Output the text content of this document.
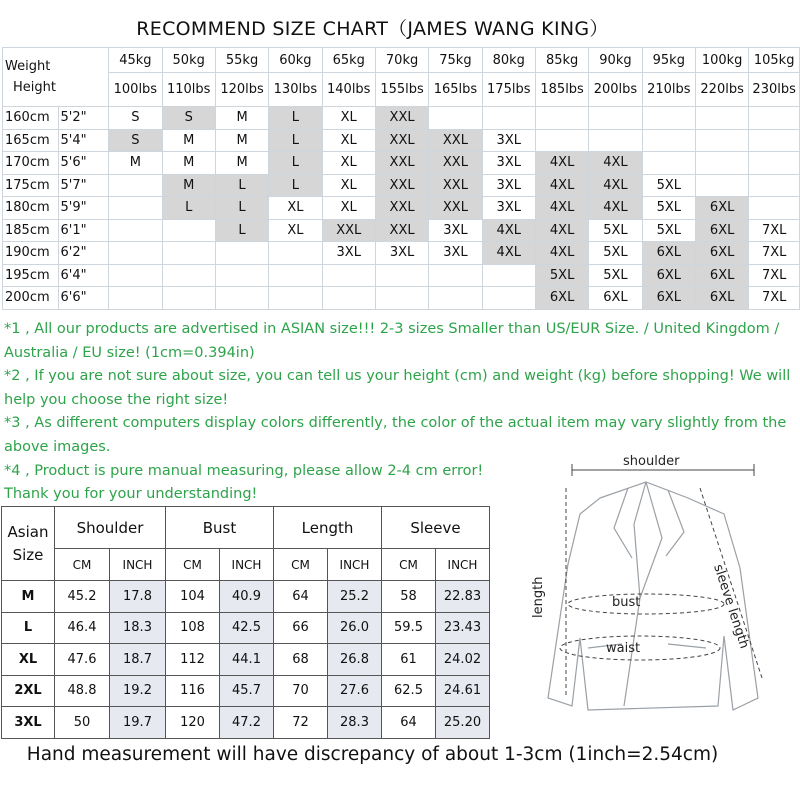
RECOMMEND SIZE CHART（JAMES WANG KING）
Weight
Height		45kg	50kg	55kg	60kg	65kg	70kg	75kg	80kg	85kg	90kg	95kg	100kg	105kg
		100lbs	110lbs	120lbs	130lbs	140lbs	155lbs	165lbs	175lbs	185lbs	200lbs	210lbs	220lbs	230lbs
160cm	5'2"	S	S	M	L	XL	XXL							
165cm	5'4"	S	M	M	L	XL	XXL	XXL	3XL					
170cm	5'6"	M	M	M	L	XL	XXL	XXL	3XL	4XL	4XL			
175cm	5'7"		M	L	L	XL	XXL	XXL	3XL	4XL	4XL	5XL		
180cm	5'9"		L	L	XL	XL	XXL	XXL	3XL	4XL	4XL	5XL	6XL	
185cm	6'1"			L	XL	XXL	XXL	3XL	4XL	4XL	5XL	5XL	6XL	7XL
190cm	6'2"					3XL	3XL	3XL	4XL	4XL	5XL	6XL	6XL	7XL
195cm	6'4"									5XL	5XL	6XL	6XL	7XL
200cm	6'6"									6XL	6XL	6XL	6XL	7XL

*1 , All our products are advertised in ASIAN size!!! 2-3 sizes Smaller than US/EUR Size. / United Kingdom / Australia / EU size! (1cm=0.394in)

*2 , If you are not sure about size, you can tell us your height (cm) and weight (kg) before shopping! We will help you choose the right size!

*3 , As different computers display colors differently, the color of the actual item may vary slightly from the above images.

*4 , Product is pure manual measuring, please allow 2-4 cm error!

Thank you for your understanding!

Asian
Size	Shoulder		Bust		Length		Sleeve	
	CM	INCH	CM	INCH	CM	INCH	CM	INCH
M	45.2	17.8	104	40.9	64	25.2	58	22.83
L	46.4	18.3	108	42.5	66	26.0	59.5	23.43
XL	47.6	18.7	112	44.1	68	26.8	61	24.02
2XL	48.8	19.2	116	45.7	70	27.6	62.5	24.61
3XL	50	19.7	120	47.2	72	28.3	64	25.20
shoulder
length	bust
waist	sleeve length
Hand measurement will have discrepancy of about 1-3cm (1inch=2.54cm)
